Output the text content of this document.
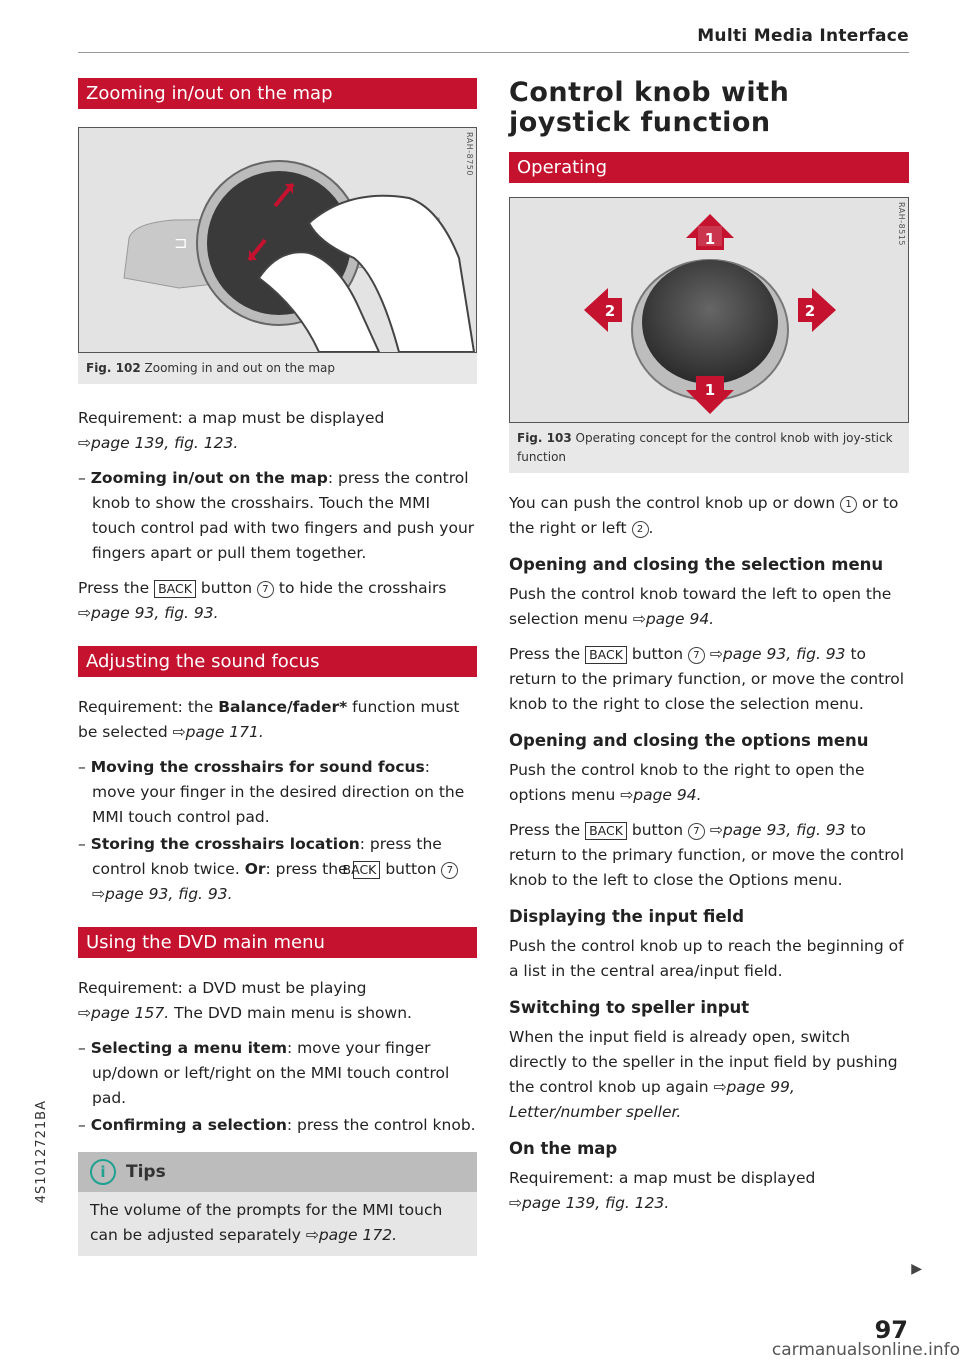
Multi Media Interface
Zooming in/out on the map
RAH-8750
⊐
Fig. 102 Zooming in and out on the map

Requirement: a map must be displayed
⇨page 139, fig. 123.

– Zooming in/out on the map: press the control knob to show the crosshairs. Touch the MMI touch control pad with two fingers and push your fingers apart or pull them together.

Press the BACK button 7 to hide the crosshairs
⇨page 93, fig. 93.

Adjusting the sound focus

Requirement: the Balance/fader* function must be selected ⇨page 171.

– Moving the crosshairs for sound focus: move your finger in the desired direction on the MMI touch control pad.

– Storing the crosshairs location: press the control knob twice. Or: press the BACK button 7
⇨page 93, fig. 93.

Using the DVD main menu

Requirement: a DVD must be playing
⇨page 157. The DVD main menu is shown.

– Selecting a menu item: move your finger up/down or left/right on the MMI touch control pad.

– Confirming a selection: press the control knob.

i	Tips

The volume of the prompts for the MMI touch can be adjusted separately ⇨page 172.

Control knob with
joystick function
Operating
RAH-8515
1
1
2	2
Fig. 103 Operating concept for the control knob with joy-stick function

You can push the control knob up or down 1 or to the right or left 2 .

Opening and closing the selection menu

Push the control knob toward the left to open the selection menu ⇨page 94.

Press the BACK button 7 ⇨page 93, fig. 93 to return to the primary function, or move the control knob to the right to close the selection menu.

Opening and closing the options menu

Push the control knob to the right to open the options menu ⇨page 94.

Press the BACK button 7 ⇨page 93, fig. 93 to return to the primary function, or move the control knob to the left to close the Options menu.

Displaying the input field

Push the control knob up to reach the beginning of a list in the central area/input field.

Switching to speller input

When the input field is already open, switch directly to the speller in the input field by pushing the control knob up again ⇨page 99, Letter/number speller.

On the map

Requirement: a map must be displayed
⇨page 139, fig. 123.

4S1012721BA
▶
97
carmanualsonline.info
